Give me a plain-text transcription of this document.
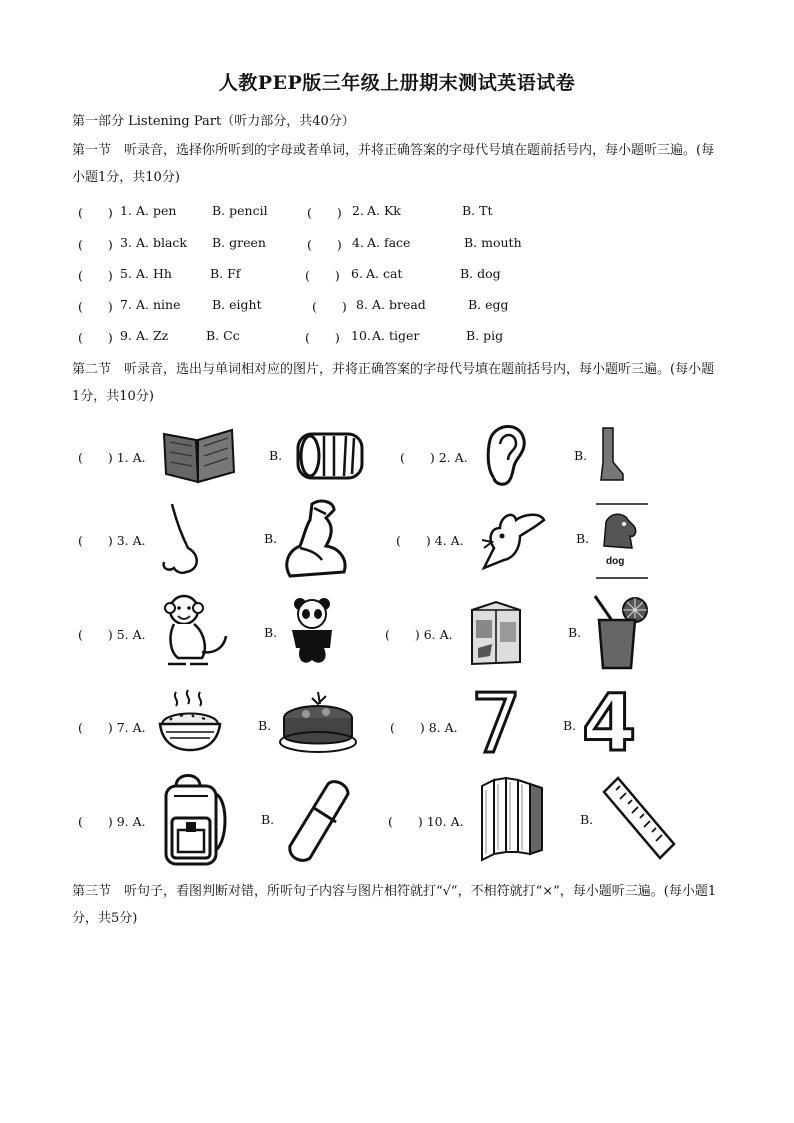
人教PEP版三年级上册期末测试英语试卷
第一部分 Listening Part（听力部分，共40分）
第一节　听录音，选择你所听到的字母或者单词，并将正确答案的字母代号填在题前括号内，每小题听三遍。(每小题1分，共10分)
(　　) 1. A. pen	B. pencil	(　　) 2. A. Kk	B. Tt
(　　) 3. A. black B. green	(　　) 4. A. face	B. mouth
(　　) 5. A. Hh	B. Ff	(　　) 6. A. cat	B. dog
(　　) 7. A. nine	B. eight	(　　) 8. A. bread	B. egg
(　　) 9. A. Zz	B. Cc	(　　) 10. A. tiger	B. pig
第二节　听录音，选出与单词相对应的图片，并将正确答案的字母代号填在题前括号内，每小题听三遍。(每小题1分，共10分)
(　　) 1. A.	B.	(　　) 2. A.	B.
(　　) 3. A.	B.	(　　) 4. A.	B.
(　　) 5. A.	B.	(　　) 6. A.	B.
(　　) 7. A.	B.	(　　) 8. A.	B.
(　　) 9. A.	B.	(　　) 10. A.	B.
dog
7 4
第三节　听句子，看图判断对错，所听句子内容与图片相符就打“√”，不相符就打“×”，每小题听三遍。(每小题1分，共5分)
